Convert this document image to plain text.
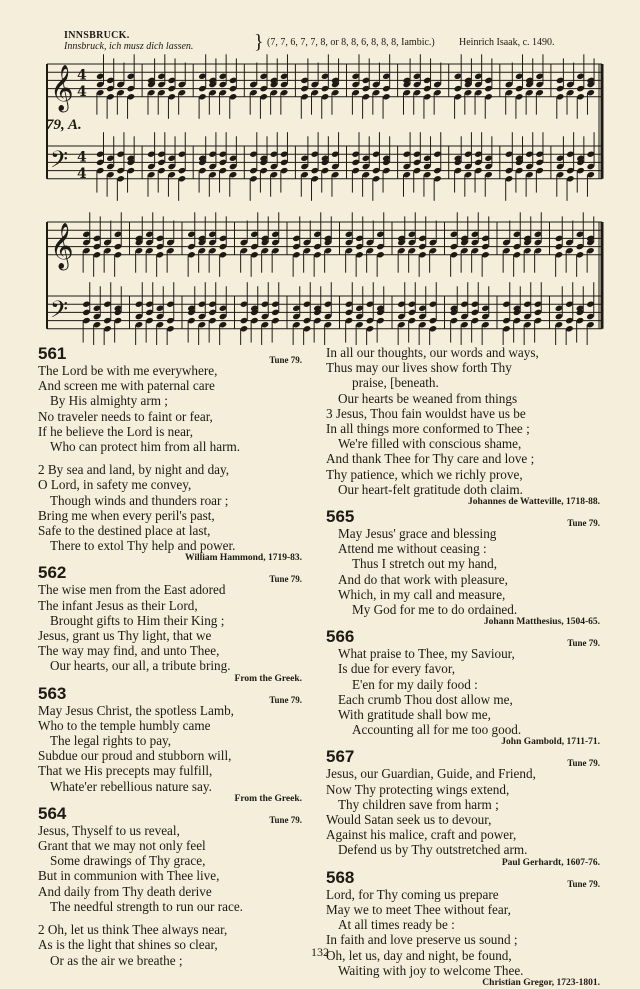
INNSBRUCK.
Innsbruck, ich musz dich lassen.	} (7, 7, 6, 7, 7, 8, or 8, 8, 6, 8, 8, 8, Iambic.) Heinrich Isaak, c. 1490.
79, A.
𝄞
𝄢
4
4
4
4
𝄞
𝄢
561	Tune 79.
The Lord be with me everywhere,
And screen me with paternal care
By His almighty arm ;
No traveler needs to faint or fear,
If he believe the Lord is near,
Who can protect him from all harm.
2 By sea and land, by night and day,
O Lord, in safety me convey,
Though winds and thunders roar ;
Bring me when every peril's past,
Safe to the destined place at last,
There to extol Thy help and power.
William Hammond, 1719-83.
562	Tune 79.
The wise men from the East adored
The infant Jesus as their Lord,
Brought gifts to Him their King ;
Jesus, grant us Thy light, that we
The way may find, and unto Thee,
Our hearts, our all, a tribute bring.
From the Greek.
563	Tune 79.
May Jesus Christ, the spotless Lamb,
Who to the temple humbly came
The legal rights to pay,
Subdue our proud and stubborn will,
That we His precepts may fulfill,
Whate'er rebellious nature say.
From the Greek.
564	Tune 79.
Jesus, Thyself to us reveal,
Grant that we may not only feel
Some drawings of Thy grace,
But in communion with Thee live,
And daily from Thy death derive
The needful strength to run our race.
2 Oh, let us think Thee always near,
As is the light that shines so clear,
Or as the air we breathe ;
In all our thoughts, our words and ways,
Thus may our lives show forth Thy
praise, [beneath.
Our hearts be weaned from things
3 Jesus, Thou fain wouldst have us be
In all things more conformed to Thee ;
We're filled with conscious shame,
And thank Thee for Thy care and love ;
Thy patience, which we richly prove,
Our heart-felt gratitude doth claim.
Johannes de Watteville, 1718-88.
565	Tune 79.
May Jesus' grace and blessing
Attend me without ceasing :
Thus I stretch out my hand,
And do that work with pleasure,
Which, in my call and measure,
My God for me to do ordained.
Johann Matthesius, 1504-65.
566	Tune 79.
What praise to Thee, my Saviour,
Is due for every favor,
E'en for my daily food :
Each crumb Thou dost allow me,
With gratitude shall bow me,
Accounting all for me too good.
John Gambold, 1711-71.
567	Tune 79.
Jesus, our Guardian, Guide, and Friend,
Now Thy protecting wings extend,
Thy children save from harm ;
Would Satan seek us to devour,
Against his malice, craft and power,
Defend us by Thy outstretched arm.
Paul Gerhardt, 1607-76.
568	Tune 79.
Lord, for Thy coming us prepare
May we to meet Thee without fear,
At all times ready be :
In faith and love preserve us sound ;
Oh, let us, day and night, be found,
Waiting with joy to welcome Thee.
Christian Gregor, 1723-1801.
132
